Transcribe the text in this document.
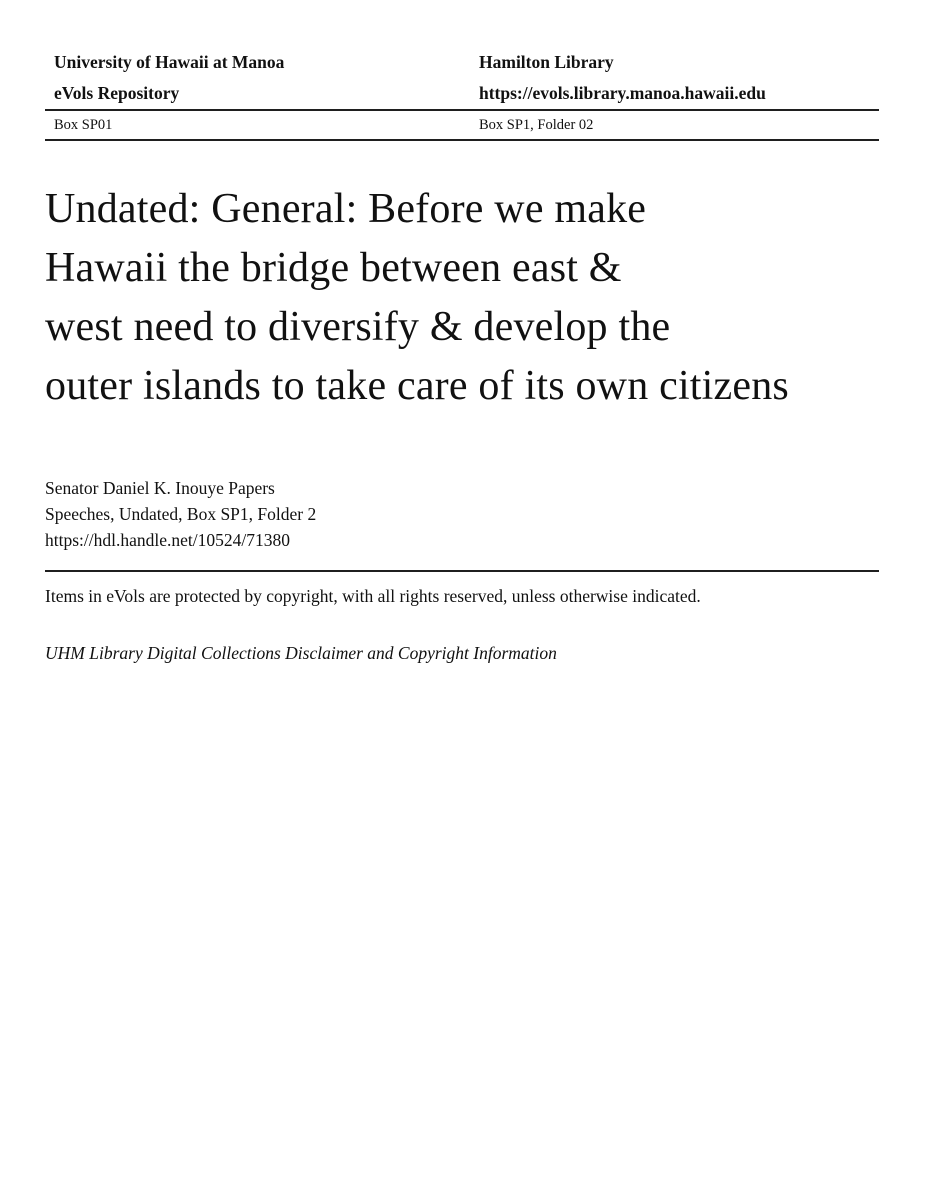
University of Hawaii at Manoa
eVols Repository
Hamilton Library
https://evols.library.manoa.hawaii.edu
Box SP01	Box SP1, Folder 02
Undated: General: Before we make
Hawaii the bridge between east &
west need to diversify & develop the
outer islands to take care of its own citizens
Senator Daniel K. Inouye Papers
Speeches, Undated, Box SP1, Folder 2
https://hdl.handle.net/10524/71380

Items in eVols are protected by copyright, with all rights reserved, unless otherwise indicated.

UHM Library Digital Collections Disclaimer and Copyright Information
